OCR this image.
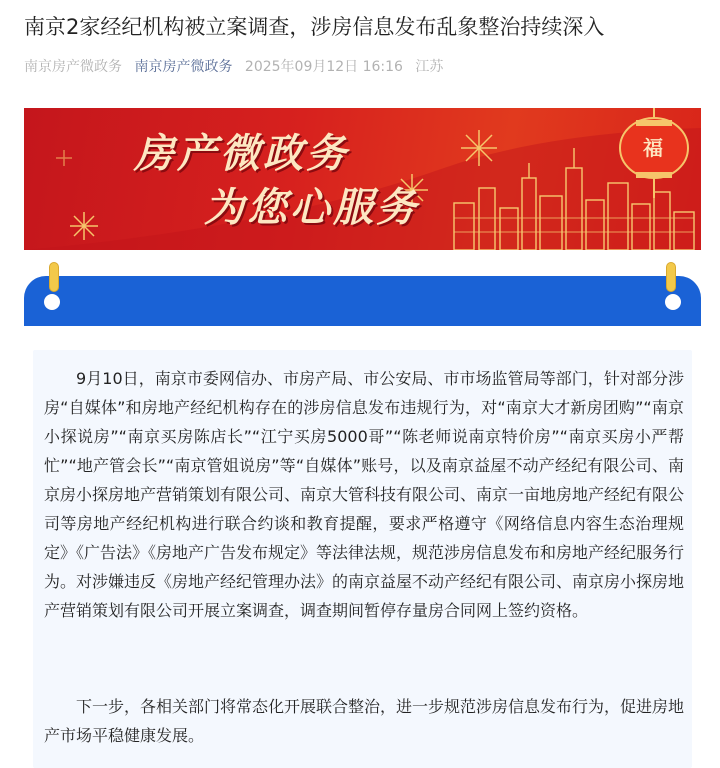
南京2家经纪机构被立案调查，涉房信息发布乱象整治持续深入
南京房产微政务 南京房产微政务 2025年09月12日 16:16 江苏
房产微政务
为您心服务
福

9月10日，南京市委网信办、市房产局、市公安局、市市场监管局等部门，针对部分涉房“自媒体”和房地产经纪机构存在的涉房信息发布违规行为，对“南京大才新房团购”“南京小探说房”“南京买房陈店长”“江宁买房5000哥”“陈老师说南京特价房”“南京买房小严帮忙”“地产管会长”“南京管姐说房”等“自媒体”账号，以及南京益屋不动产经纪有限公司、南京房小探房地产营销策划有限公司、南京大管科技有限公司、南京一亩地房地产经纪有限公司等房地产经纪机构进行联合约谈和教育提醒，要求严格遵守《网络信息内容生态治理规定》《广告法》《房地产广告发布规定》等法律法规，规范涉房信息发布和房地产经纪服务行为。对涉嫌违反《房地产经纪管理办法》的南京益屋不动产经纪有限公司、南京房小探房地产营销策划有限公司开展立案调查，调查期间暂停存量房合同网上签约资格。

下一步，各相关部门将常态化开展联合整治，进一步规范涉房信息发布行为，促进房地产市场平稳健康发展。
